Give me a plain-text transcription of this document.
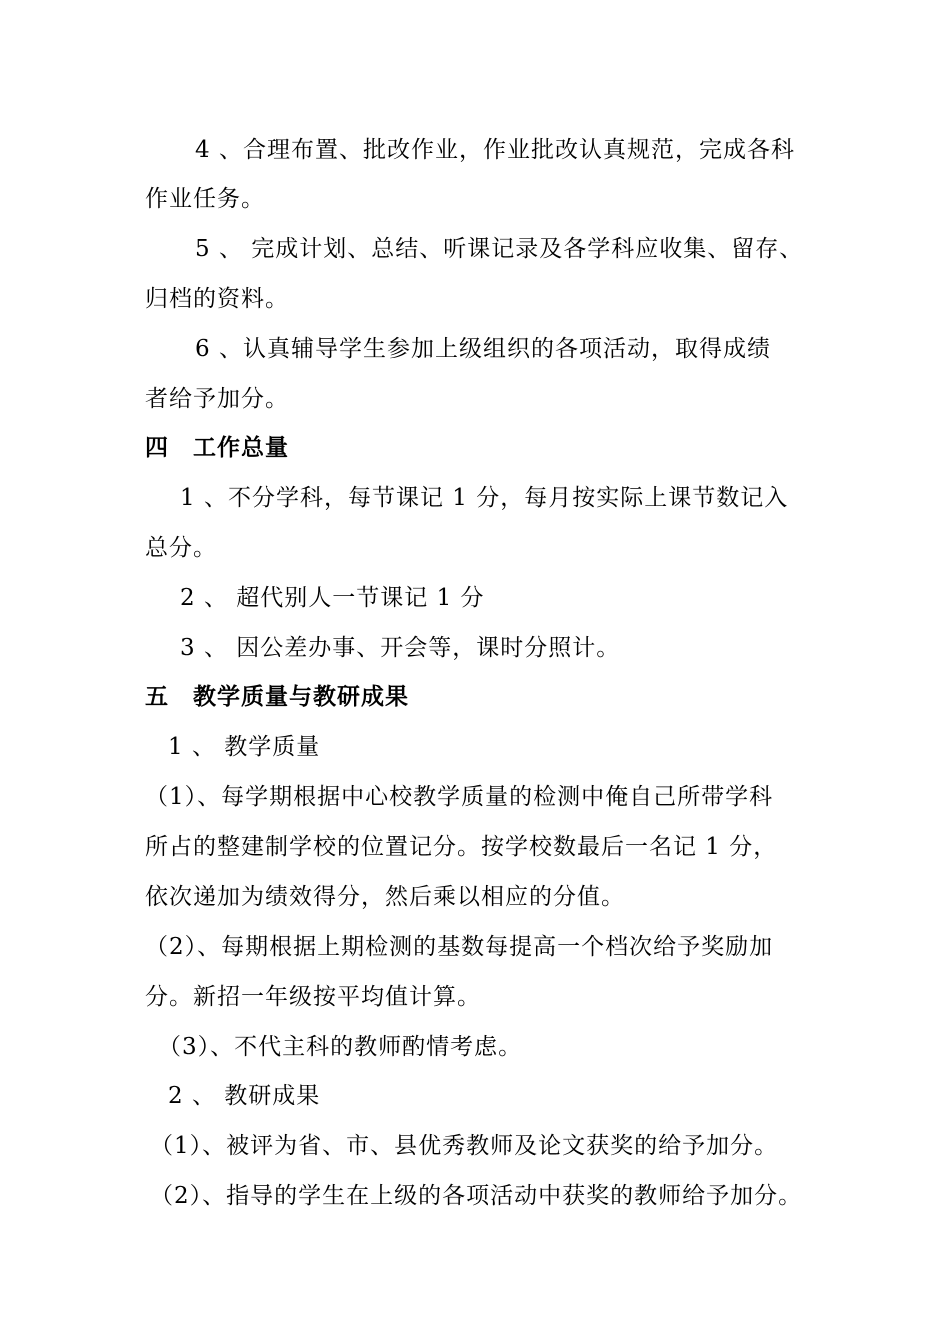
4 、合理布置、批改作业，作业批改认真规范，完成各科
作业任务。
5 、 完成计划、总结、听课记录及各学科应收集、留存、
归档的资料。
6 、认真辅导学生参加上级组织的各项活动，取得成绩
者给予加分。
四　工作总量
1 、不分学科，每节课记 1 分，每月按实际上课节数记入
总分。
2 、 超代别人一节课记 1 分
3 、 因公差办事、开会等，课时分照计。
五　教学质量与教研成果
1 、 教学质量
（1）、每学期根据中心校教学质量的检测中俺自己所带学科
所占的整建制学校的位置记分。按学校数最后一名记 1 分，
依次递加为绩效得分，然后乘以相应的分值。
（2）、每期根据上期检测的基数每提高一个档次给予奖励加
分。新招一年级按平均值计算。
（3）、不代主科的教师酌情考虑。
2 、 教研成果
（1）、被评为省、市、县优秀教师及论文获奖的给予加分。
（2）、指导的学生在上级的各项活动中获奖的教师给予加分。
